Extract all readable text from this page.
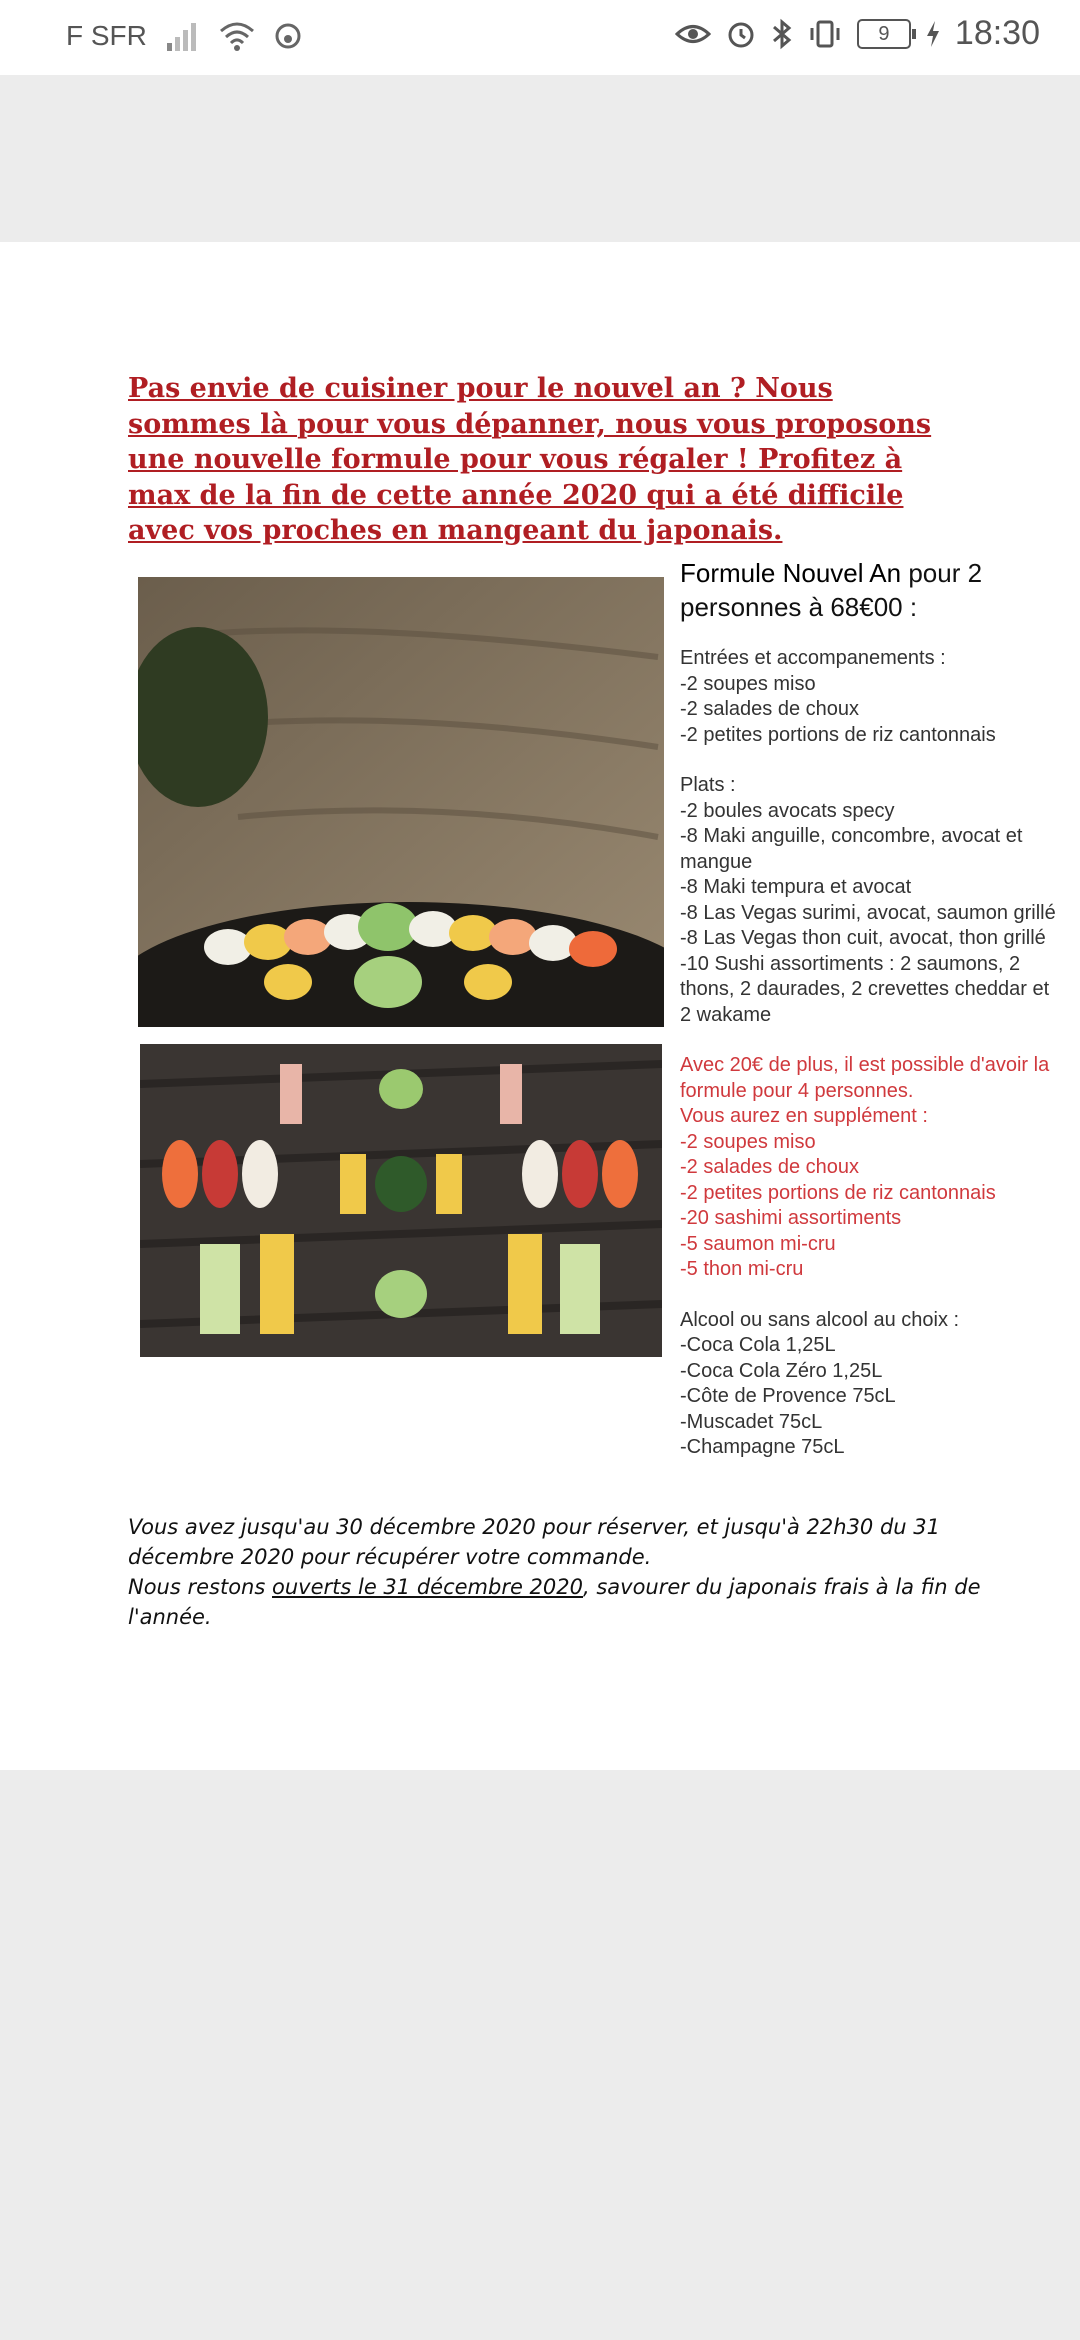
F SFR	9	18:30
Pas envie de cuisiner pour le nouvel an ? Nous sommes là pour vous dépanner, nous vous proposons une nouvelle formule pour vous régaler ! Profitez à max de la fin de cette année 2020 qui a été difficile avec vos proches en mangeant du japonais.
Formule Nouvel An pour 2 personnes à 68€00 :
Entrées et accompanements :
-2 soupes miso
-2 salades de choux
-2 petites portions de riz cantonnais
Plats :
-2 boules avocats specy
-8 Maki anguille, concombre, avocat et mangue
-8 Maki tempura et avocat
-8 Las Vegas surimi, avocat, saumon grillé
-8 Las Vegas thon cuit, avocat, thon grillé
-10 Sushi assortiments : 2 saumons, 2 thons, 2 daurades, 2 crevettes cheddar et 2 wakame
Avec 20€ de plus, il est possible d'avoir la formule pour 4 personnes.
Vous aurez en supplément :
-2 soupes miso
-2 salades de choux
-2 petites portions de riz cantonnais
-20 sashimi assortiments
-5 saumon mi-cru
-5 thon mi-cru
Alcool ou sans alcool au choix :
-Coca Cola 1,25L
-Coca Cola Zéro 1,25L
-Côte de Provence 75cL
-Muscadet 75cL
-Champagne 75cL
Vous avez jusqu'au 30 décembre 2020 pour réserver, et jusqu'à 22h30 du 31 décembre 2020 pour récupérer votre commande.
Nous restons ouverts le 31 décembre 2020, savourer du japonais frais à la fin de l'année.
